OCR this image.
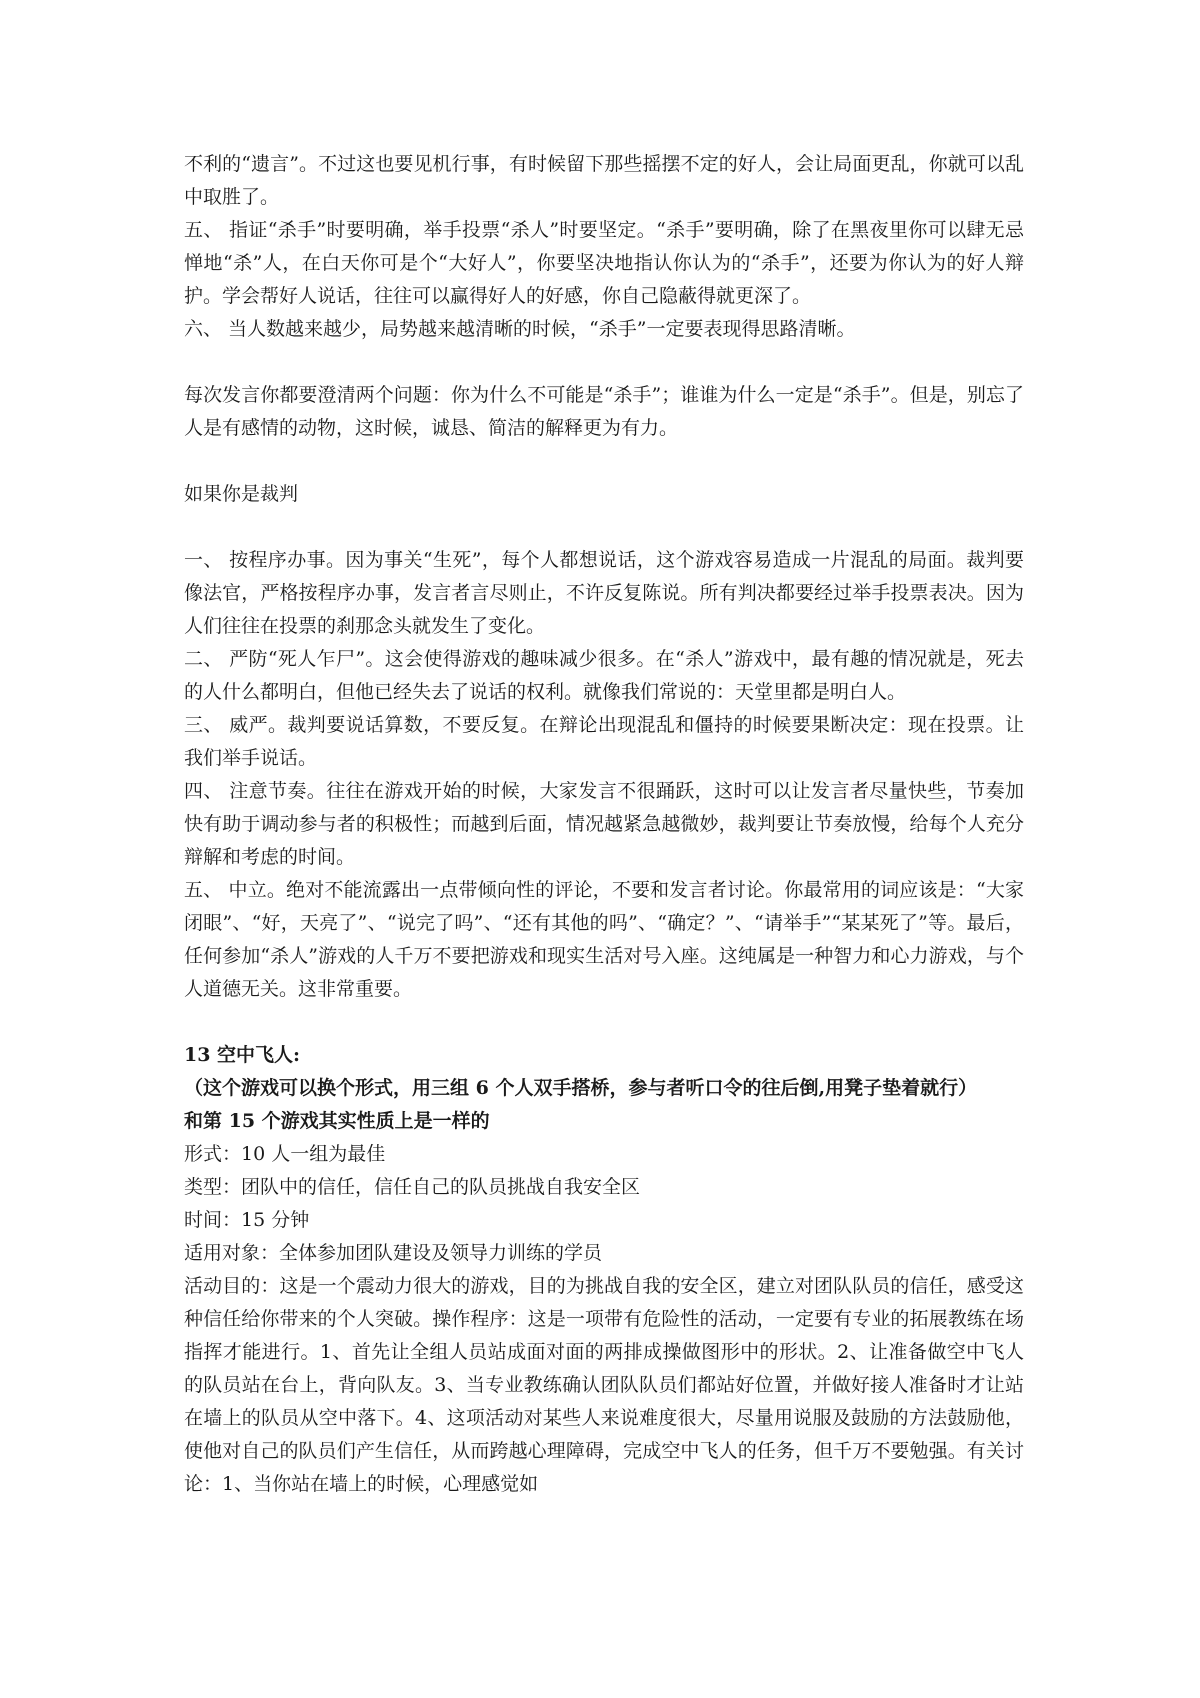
不利的“遗言”。不过这也要见机行事，有时候留下那些摇摆不定的好人，会让局面更乱，你就可以乱中取胜了。

五、 指证“杀手”时要明确，举手投票“杀人”时要坚定。“杀手”要明确，除了在黑夜里你可以肆无忌惮地“杀”人，在白天你可是个“大好人”，你要坚决地指认你认为的“杀手”，还要为你认为的好人辩护。学会帮好人说话，往往可以赢得好人的好感，你自己隐蔽得就更深了。

六、 当人数越来越少，局势越来越清晰的时候，“杀手”一定要表现得思路清晰。

每次发言你都要澄清两个问题：你为什么不可能是“杀手”；谁谁为什么一定是“杀手”。但是，别忘了人是有感情的动物，这时候，诚恳、简洁的解释更为有力。

如果你是裁判

一、 按程序办事。因为事关“生死”，每个人都想说话，这个游戏容易造成一片混乱的局面。裁判要像法官，严格按程序办事，发言者言尽则止，不许反复陈说。所有判决都要经过举手投票表决。因为人们往往在投票的刹那念头就发生了变化。

二、 严防“死人乍尸”。这会使得游戏的趣味减少很多。在“杀人”游戏中，最有趣的情况就是，死去的人什么都明白，但他已经失去了说话的权利。就像我们常说的：天堂里都是明白人。

三、 威严。裁判要说话算数，不要反复。在辩论出现混乱和僵持的时候要果断决定：现在投票。让我们举手说话。

四、 注意节奏。往往在游戏开始的时候，大家发言不很踊跃，这时可以让发言者尽量快些，节奏加快有助于调动参与者的积极性；而越到后面，情况越紧急越微妙，裁判要让节奏放慢，给每个人充分辩解和考虑的时间。

五、 中立。绝对不能流露出一点带倾向性的评论，不要和发言者讨论。你最常用的词应该是：“大家闭眼”、“好，天亮了”、“说完了吗”、“还有其他的吗”、“确定？”、“请举手”“某某死了”等。最后，任何参加“杀人”游戏的人千万不要把游戏和现实生活对号入座。这纯属是一种智力和心力游戏，与个人道德无关。这非常重要。

13 空中飞人:

（这个游戏可以换个形式，用三组 6 个人双手搭桥，参与者听口令的往后倒,用凳子垫着就行）

和第 15 个游戏其实性质上是一样的

形式：10 人一组为最佳

类型：团队中的信任，信任自己的队员挑战自我安全区

时间：15 分钟

适用对象：全体参加团队建设及领导力训练的学员

活动目的：这是一个震动力很大的游戏，目的为挑战自我的安全区，建立对团队队员的信任，感受这种信任给你带来的个人突破。操作程序：这是一项带有危险性的活动，一定要有专业的拓展教练在场指挥才能进行。1、首先让全组人员站成面对面的两排成操做图形中的形状。2、让准备做空中飞人的队员站在台上，背向队友。3、当专业教练确认团队队员们都站好位置，并做好接人准备时才让站在墙上的队员从空中落下。4、这项活动对某些人来说难度很大，尽量用说服及鼓励的方法鼓励他，使他对自己的队员们产生信任，从而跨越心理障碍，完成空中飞人的任务，但千万不要勉强。有关讨论：1、当你站在墙上的时候，心理感觉如
